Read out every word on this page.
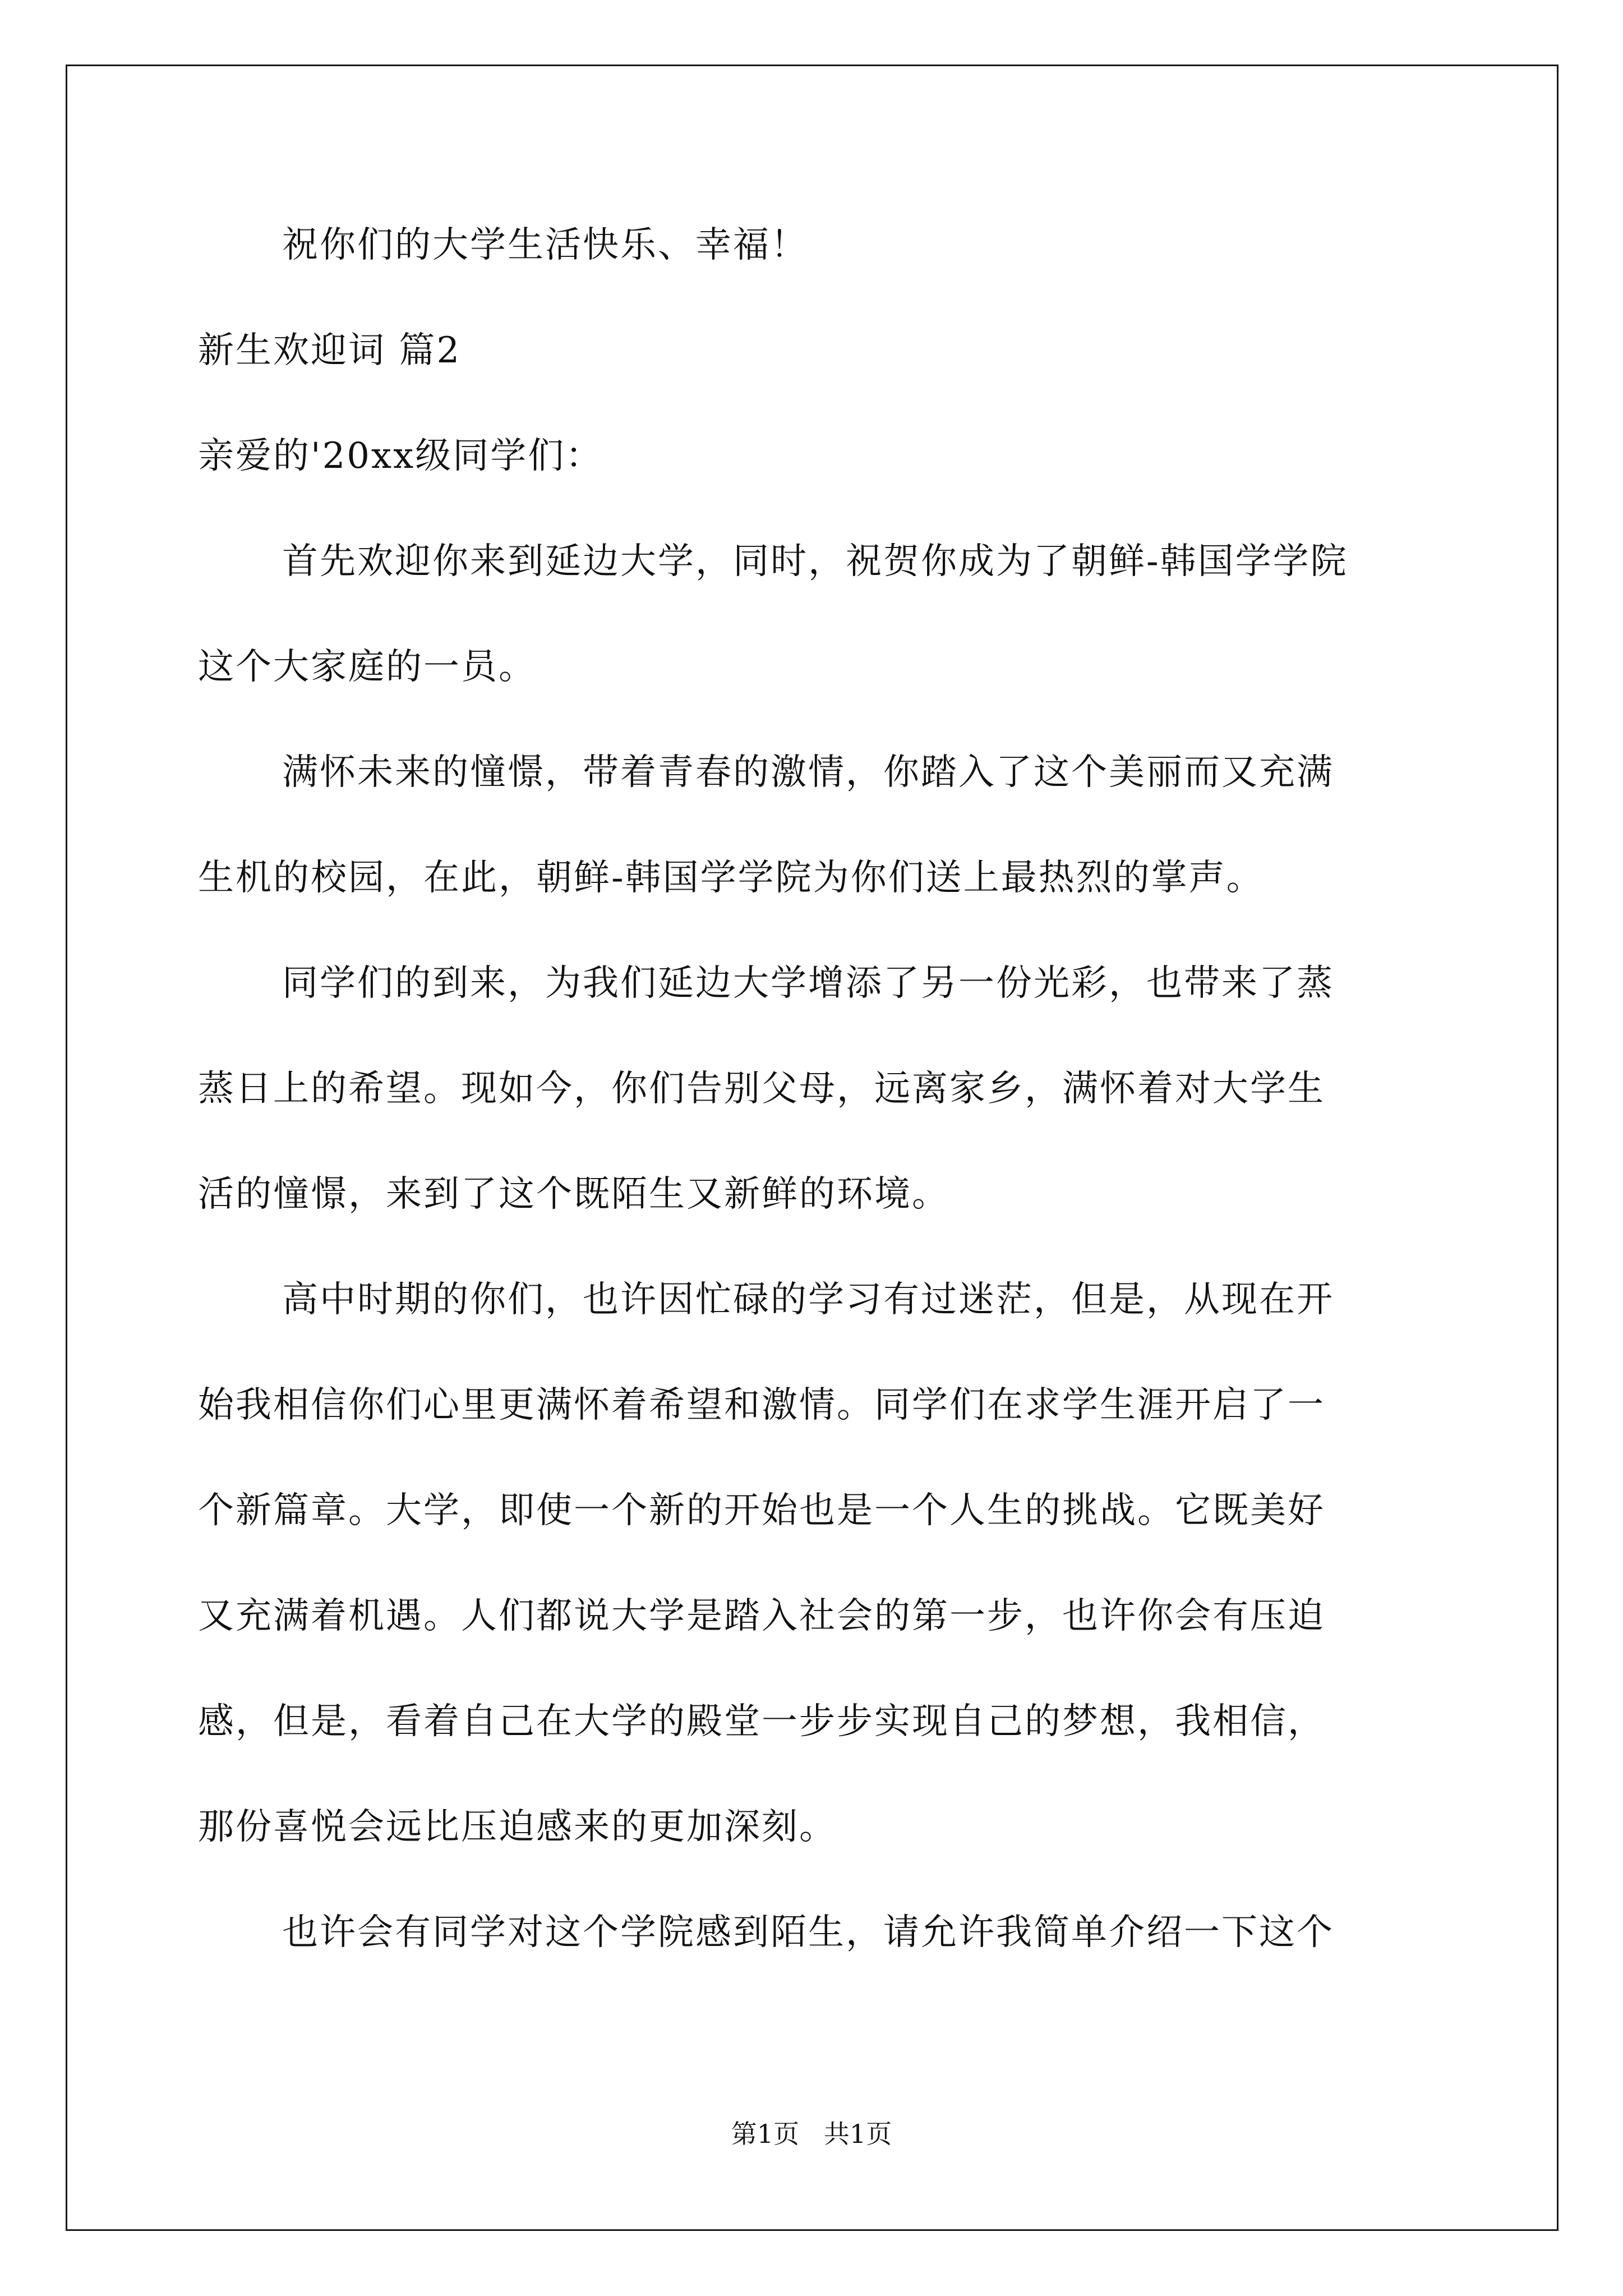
祝你们的大学生活快乐、幸福！

新生欢迎词 篇2

亲爱的'20xx级同学们：

首先欢迎你来到延边大学，同时，祝贺你成为了朝鲜-韩国学学院

这个大家庭的一员。

满怀未来的憧憬，带着青春的激情，你踏入了这个美丽而又充满

生机的校园，在此，朝鲜-韩国学学院为你们送上最热烈的掌声。

同学们的到来，为我们延边大学增添了另一份光彩，也带来了蒸

蒸日上的希望。现如今，你们告别父母，远离家乡，满怀着对大学生

活的憧憬，来到了这个既陌生又新鲜的环境。

高中时期的你们，也许因忙碌的学习有过迷茫，但是，从现在开

始我相信你们心里更满怀着希望和激情。同学们在求学生涯开启了一

个新篇章。大学，即使一个新的开始也是一个人生的挑战。它既美好

又充满着机遇。人们都说大学是踏入社会的第一步，也许你会有压迫

感，但是，看着自己在大学的殿堂一步步实现自己的梦想，我相信，

那份喜悦会远比压迫感来的更加深刻。

也许会有同学对这个学院感到陌生，请允许我简单介绍一下这个

第1页   共1页
